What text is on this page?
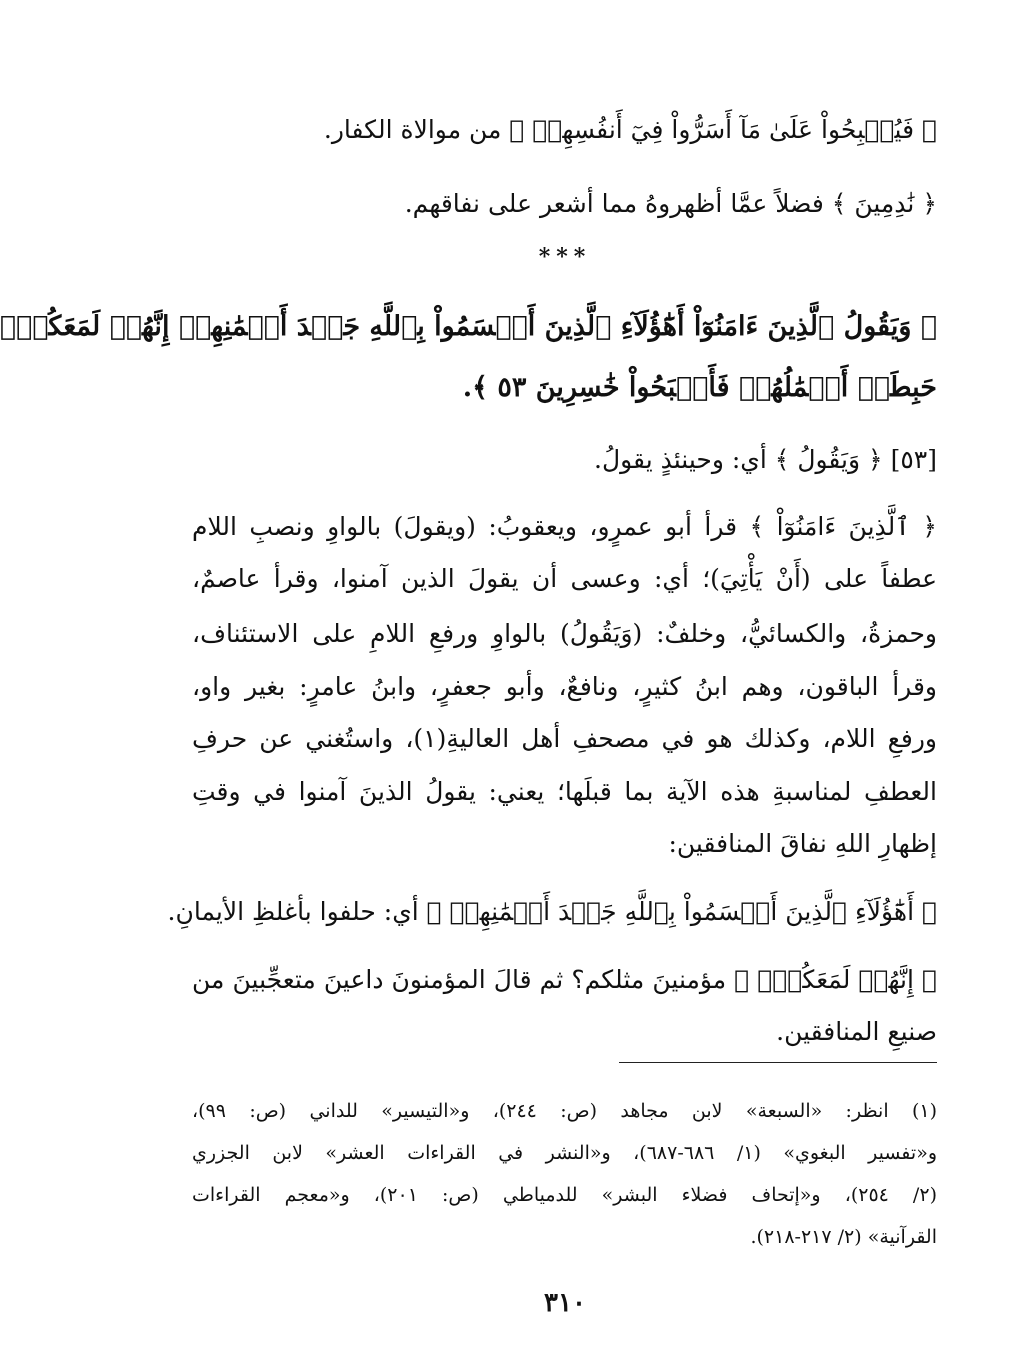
﴿ فَيُصۡبِحُواْ عَلَىٰ مَآ أَسَرُّواْ فِيٓ أَنفُسِهِمۡ ﴾ من موالاة الكفار.
﴿ نَٰدِمِينَ ﴾ فضلاً عمَّا أظهروهُ مما أشعر على نفاقهم.
***
﴿ وَيَقُولُ ٱلَّذِينَ ءَامَنُوٓاْ أَهَٰٓؤُلَآءِ ٱلَّذِينَ أَقۡسَمُواْ بِٱللَّهِ جَهۡدَ أَيۡمَٰنِهِمۡ إِنَّهُمۡ لَمَعَكُمۡۚ
حَبِطَتۡ أَعۡمَٰلُهُمۡ فَأَصۡبَحُواْ خَٰسِرِينَ ٥٣ ﴾.
[٥٣] ﴿ وَيَقُولُ ﴾ أي: وحينئذٍ يقولُ.
﴿ ٱلَّذِينَ ءَامَنُوٓاْ ﴾ قرأ أبو عمرٍو، ويعقوبُ: (ويقولَ) بالواوِ ونصبِ اللام
عطفاً على (أَنْ يَأْتِيَ)؛ أي: وعسى أن يقولَ الذين آمنوا، وقرأ عاصمٌ،
وحمزةُ، والكسائيُّ، وخلفٌ: (وَيَقُولُ) بالواوِ ورفعِ اللامِ على الاستئناف،
وقرأ الباقون، وهم ابنُ كثيرٍ، ونافعٌ، وأبو جعفرٍ، وابنُ عامرٍ: بغير واو،
ورفعِ اللام، وكذلك هو في مصحفِ أهل العاليةِ(١)، واستُغني عن حرفِ
العطفِ لمناسبةِ هذه الآية بما قبلَها؛ يعني: يقولُ الذينَ آمنوا في وقتِ
إظهارِ اللهِ نفاقَ المنافقين:
﴿ أَهَٰٓؤُلَآءِ ٱلَّذِينَ أَقۡسَمُواْ بِٱللَّهِ جَهۡدَ أَيۡمَٰنِهِمۡ ﴾ أي: حلفوا بأغلظِ الأيمانِ.
﴿ إِنَّهُمۡ لَمَعَكُمۡۚ ﴾ مؤمنينَ مثلكم؟ ثم قالَ المؤمنونَ داعينَ متعجِّبينَ من
صنيعِ المنافقين.
(١) انظر: «السبعة» لابن مجاهد (ص: ٢٤٤)، و«التيسير» للداني (ص: ٩٩)،
و«تفسير البغوي» (١/ ٦٨٦-٦٨٧)، و«النشر في القراءات العشر» لابن الجزري
(٢/ ٢٥٤)، و«إتحاف فضلاء البشر» للدمياطي (ص: ٢٠١)، و«معجم القراءات
القرآنية» (٢/ ٢١٧-٢١٨).
٣١٠
